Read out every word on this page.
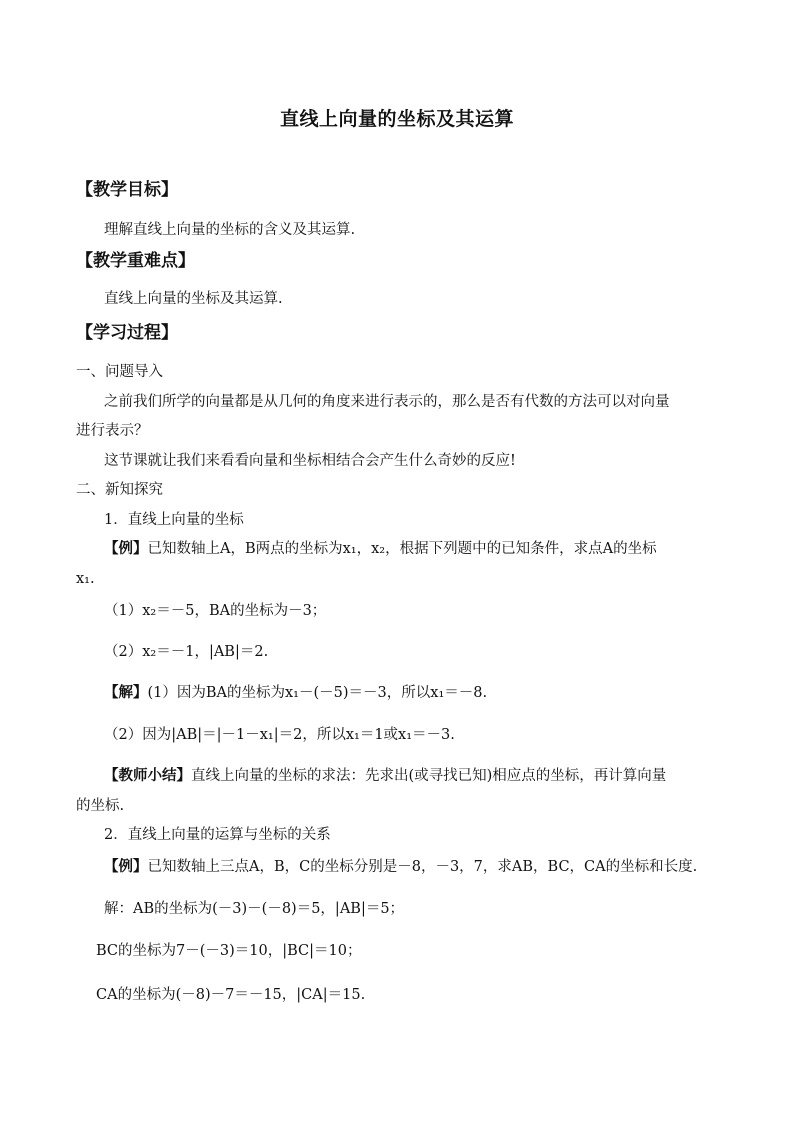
直线上向量的坐标及其运算
【教学目标】
理解直线上向量的坐标的含义及其运算.
【教学重难点】
直线上向量的坐标及其运算.
【学习过程】
一、问题导入
之前我们所学的向量都是从几何的角度来进行表示的，那么是否有代数的方法可以对向量
进行表示？
这节课就让我们来看看向量和坐标相结合会产生什么奇妙的反应!
二、新知探究
1．直线上向量的坐标
【例】已知数轴上A，B两点的坐标为x₁，x₂，根据下列题中的已知条件，求点A的坐标
x₁.
（1）x₂＝－5，BA的坐标为－3；
（2）x₂＝－1，|AB|＝2.
【解】(1）因为BA的坐标为x₁－(－5)＝－3，所以x₁＝－8.
（2）因为|AB|＝|－1－x₁|＝2，所以x₁＝1或x₁＝－3.
【教师小结】直线上向量的坐标的求法：先求出(或寻找已知)相应点的坐标，再计算向量
的坐标.
2．直线上向量的运算与坐标的关系
【例】已知数轴上三点A，B，C的坐标分别是－8，－3，7，求AB，BC，CA的坐标和长度.
解：AB的坐标为(－3)－(－8)＝5，|AB|＝5；
BC的坐标为7－(－3)＝10，|BC|＝10；
CA的坐标为(－8)－7＝－15，|CA|＝15.
